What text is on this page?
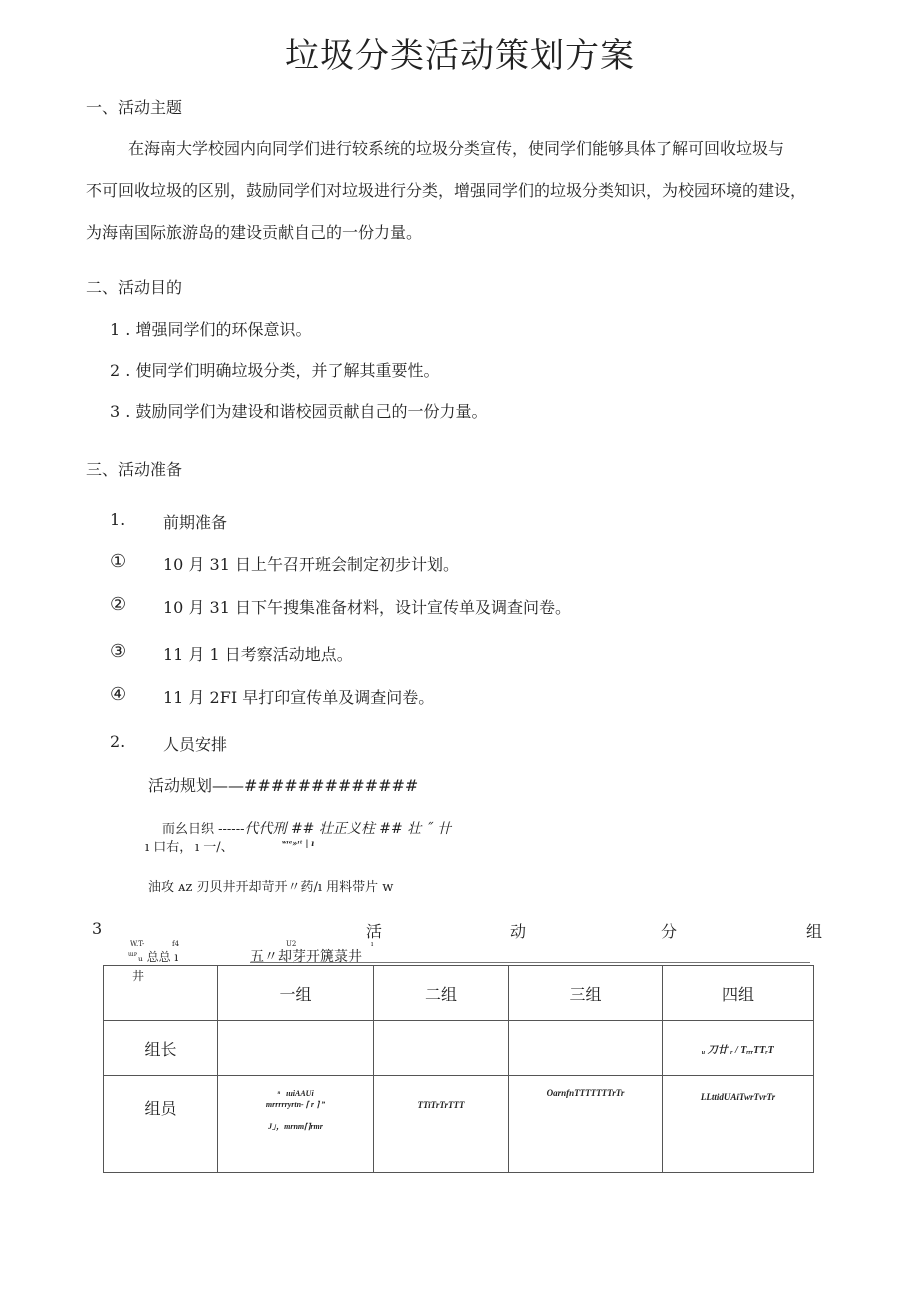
垃圾分类活动策划方案
一、活动主题
在海南大学校园内向同学们进行较系统的垃圾分类宣传，使同学们能够具体了解可回收垃圾与
不可回收垃圾的区别，鼓励同学们对垃圾进行分类，增强同学们的垃圾分类知识，为校园环境的建设，
为海南国际旅游岛的建设贡献自己的一份力量。
二、活动目的
1 . 增强同学们的环保意识。
2 . 使同学们明确垃圾分类，并了解其重要性。
3 . 鼓励同学们为建设和谐校园贡献自己的一份力量。
三、活动准备
1. 前期准备
① 10 月 31 日上午召开班会制定初步计划。
② 10 月 31 日下午搜集准备材料，设计宣传单及调查问卷。
③ 11 月 1 日考察活动地点。
④ 11 月 2FI 早打印宣传单及调查问卷。
2. 人员安排
活动规划——#############
而幺日织 ------代代刑 ## 壮正义柱 ## 壮 ˝ 卄
ı 口右， ı 一/、	ʷᶦᵉ»ᶦᵗ | ı
油攻 ᴀᴢ 刃贝井开却苛开〃药/ı 用料带片 ᴡ
3	活	动	分	组
W.T-	f4	U2	ı
ɯᴘ ᵤ 总总 ı	五〃却芽开篪菉井
井
	一组	二组	三组	四组
组长				ᵤ 刀廿 ᵣ / TᵣᵣᵣTTᵣT
组员	ⁿ   ıuiAAUi
mrrrrryrtn- ⌈ r ⌉ ”

J」，mrnт⌈⌉rmr	TTiTrTrTTT	OarnfnTTTTTTTrTr	LLttidUAiTwrTvrTr
